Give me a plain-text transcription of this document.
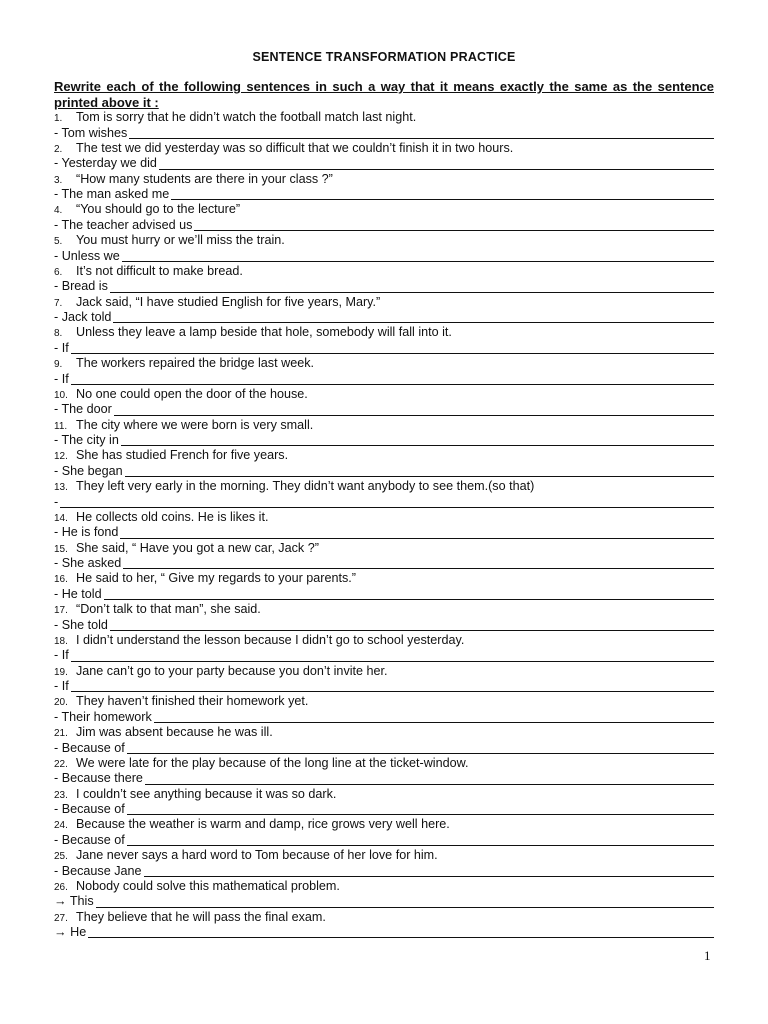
SENTENCE TRANSFORMATION PRACTICE
Rewrite each of the following sentences in such a way that it means exactly the same as the sentence printed above it :
1. Tom is sorry that he didn’t watch the football match last night.
- Tom wishes
2. The test we did yesterday was so difficult that we couldn’t finish it in two hours.
- Yesterday we did
3. “How many students are there in your class ?”
- The man asked me
4. “You should go to the lecture”
- The teacher advised us
5. You must hurry or we’ll miss the train.
- Unless we
6. It’s not difficult to make bread.
- Bread is
7. Jack said, “I have studied English for five years, Mary.”
- Jack told
8. Unless they leave a lamp beside that hole, somebody will fall into it.
- If
9. The workers repaired the bridge last week.
- If
10. No one could open the door of the house.
- The door
11. The city where we were born is very small.
- The city in
12. She has studied French for five years.
- She began
13. They left very early in the morning. They didn’t want anybody to see them.(so that)
-
14. He collects old coins. He is likes it.
- He is fond
15. She said, “ Have you got a new car, Jack ?”
- She asked
16. He said to her, “ Give my regards to your parents.”
- He told
17. “Don’t talk to that man”, she said.
- She told
18. I didn’t understand the lesson because I didn’t go to school yesterday.
- If
19. Jane can’t go to your party because you don’t invite her.
- If
20. They haven’t finished their homework yet.
- Their homework
21. Jim was absent because he was ill.
- Because of
22. We were late for the play because of the long line at the ticket-window.
- Because there
23. I couldn’t see anything because it was so dark.
- Because of
24. Because the weather is warm and damp, rice grows very well here.
- Because of
25. Jane never says a hard word to Tom because of her love for him.
- Because Jane
26. Nobody could solve this mathematical problem.
→ This
27. They believe that he will pass the final exam.
→ He
1
